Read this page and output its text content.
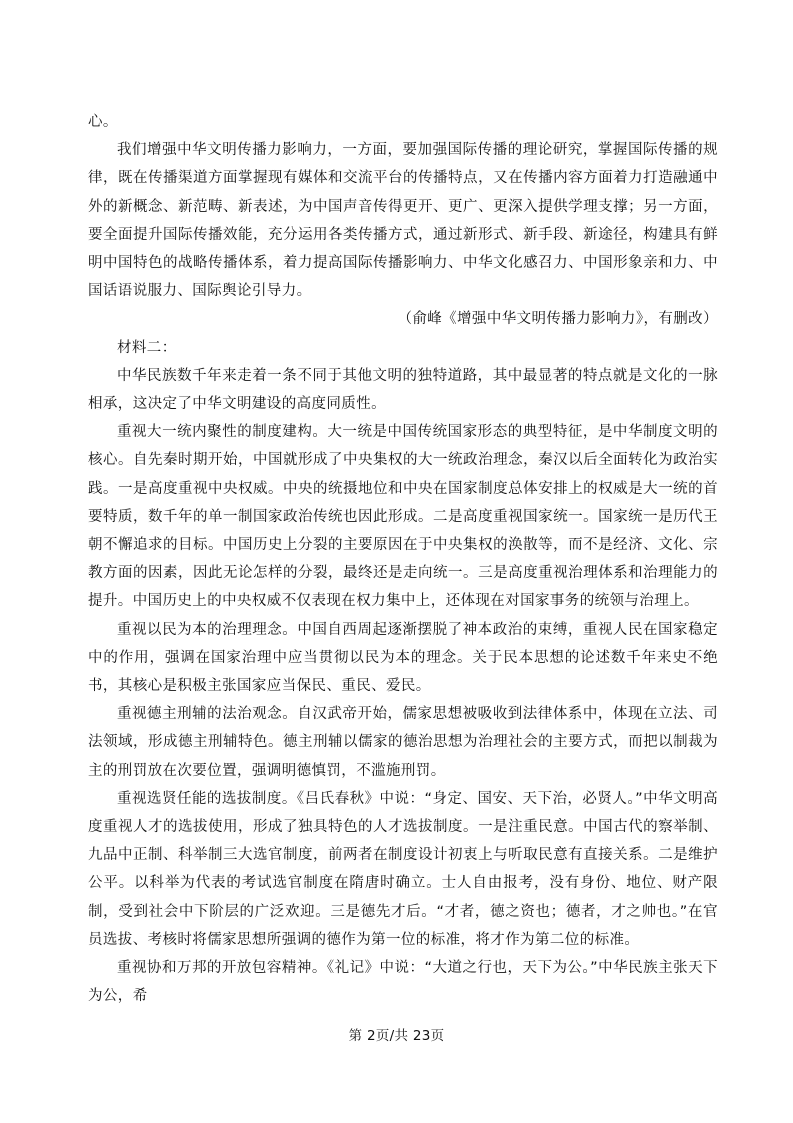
心。

我们增强中华文明传播力影响力，一方面，要加强国际传播的理论研究，掌握国际传播的规律，既在传播渠道方面掌握现有媒体和交流平台的传播特点，又在传播内容方面着力打造融通中外的新概念、新范畴、新表述，为中国声音传得更开、更广、更深入提供学理支撑；另一方面，要全面提升国际传播效能，充分运用各类传播方式，通过新形式、新手段、新途径，构建具有鲜明中国特色的战略传播体系，着力提高国际传播影响力、中华文化感召力、中国形象亲和力、中国话语说服力、国际舆论引导力。

（俞峰《增强中华文明传播力影响力》，有删改）

材料二：

中华民族数千年来走着一条不同于其他文明的独特道路，其中最显著的特点就是文化的一脉相承，这决定了中华文明建设的高度同质性。

重视大一统内聚性的制度建构。大一统是中国传统国家形态的典型特征，是中华制度文明的核心。自先秦时期开始，中国就形成了中央集权的大一统政治理念，秦汉以后全面转化为政治实践。一是高度重视中央权威。中央的统摄地位和中央在国家制度总体安排上的权威是大一统的首要特质，数千年的单一制国家政治传统也因此形成。二是高度重视国家统一。国家统一是历代王朝不懈追求的目标。中国历史上分裂的主要原因在于中央集权的涣散等，而不是经济、文化、宗教方面的因素，因此无论怎样的分裂，最终还是走向统一。三是高度重视治理体系和治理能力的提升。中国历史上的中央权威不仅表现在权力集中上，还体现在对国家事务的统领与治理上。

重视以民为本的治理理念。中国自西周起逐渐摆脱了神本政治的束缚，重视人民在国家稳定中的作用，强调在国家治理中应当贯彻以民为本的理念。关于民本思想的论述数千年来史不绝书，其核心是积极主张国家应当保民、重民、爱民。

重视德主刑辅的法治观念。自汉武帝开始，儒家思想被吸收到法律体系中，体现在立法、司法领域，形成德主刑辅特色。德主刑辅以儒家的德治思想为治理社会的主要方式，而把以制裁为主的刑罚放在次要位置，强调明德慎罚，不滥施刑罚。

重视选贤任能的选拔制度。《吕氏春秋》中说：“身定、国安、天下治，必贤人。”中华文明高度重视人才的选拔使用，形成了独具特色的人才选拔制度。一是注重民意。中国古代的察举制、九品中正制、科举制三大选官制度，前两者在制度设计初衷上与听取民意有直接关系。二是维护公平。以科举为代表的考试选官制度在隋唐时确立。士人自由报考，没有身份、地位、财产限制，受到社会中下阶层的广泛欢迎。三是德先才后。“才者，德之资也；德者，才之帅也。”在官员选拔、考核时将儒家思想所强调的德作为第一位的标准，将才作为第二位的标准。

重视协和万邦的开放包容精神。《礼记》中说：“大道之行也，天下为公。”中华民族主张天下为公，希

第 2页/共 23页
